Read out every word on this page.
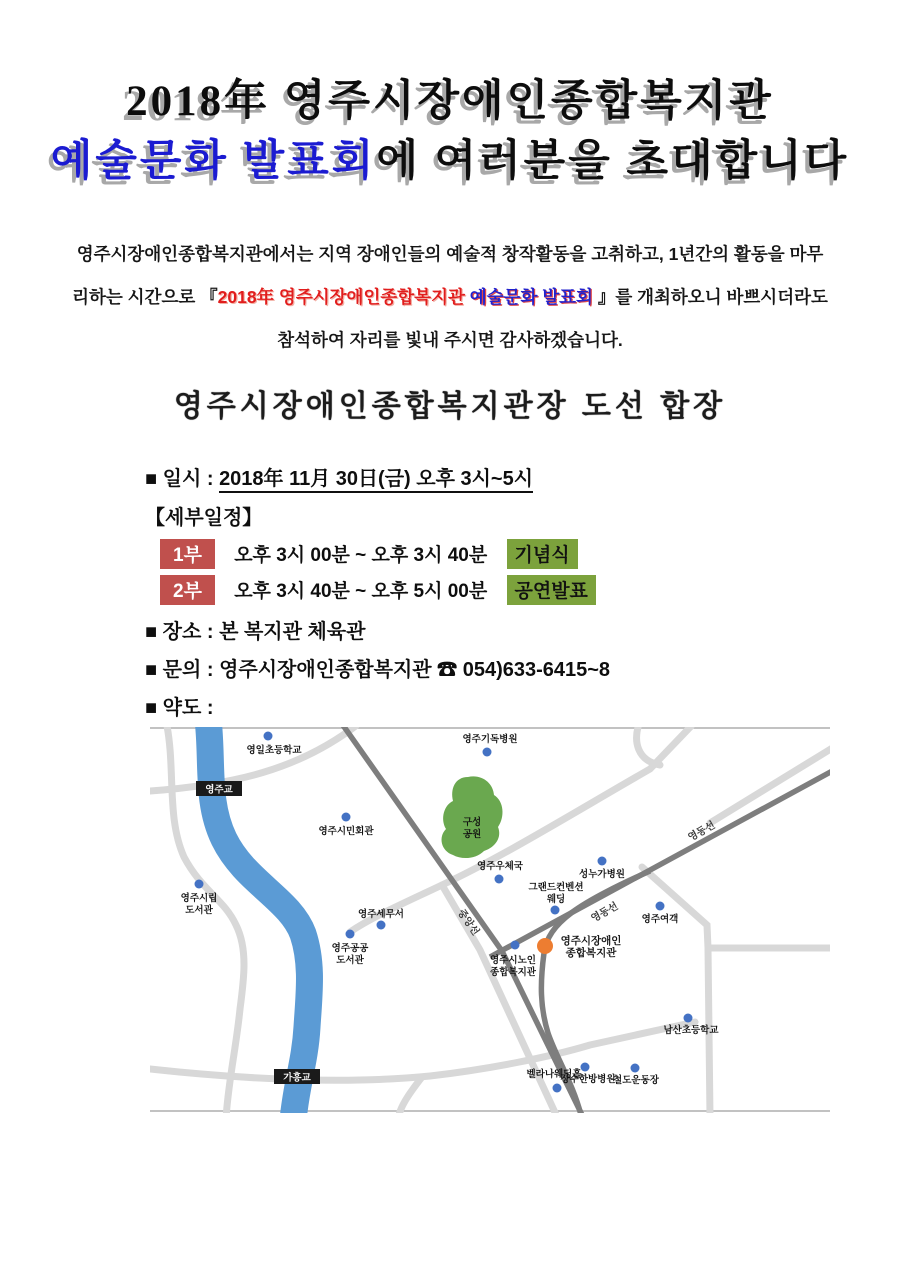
2018年 영주시장애인종합복지관
예술문화 발표회에 여러분을 초대합니다
영주시장애인종합복지관에서는 지역 장애인들의 예술적 창작활동을 고취하고, 1년간의 활동을 마무리하는 시간으로 『2018年 영주시장애인종합복지관 예술문화 발표회 』를 개최하오니 바쁘시더라도 참석하여 자리를 빛내 주시면 감사하겠습니다.
영주시장애인종합복지관장 도선 합장
■ 일시 : 2018年 11月 30日(금) 오후 3시~5시
【세부일정】
1부 오후 3시 00분 ~ 오후 3시 40분 기념식
2부 오후 3시 40분 ~ 오후 5시 00분 공연발표
■ 장소 : 본 복지관 체육관
■ 문의 : 영주시장애인종합복지관 ☎ 054)633-6415~8
■ 약도 :
영일초등학교
영주시민회관
영주시립
도서관	영주세무서
영주공공
도서관
영주기독병원
영주우체국
성누가병원
그랜드컨벤션
웨딩
영주여객
영주시장애인
종합복지관
영주시노인
종합복지관
남산초등학교
벨라나웨딩홀
철도운동장
장수한방병원
영주교
가흥교
중앙선	영동선
영동선
구성
공원
